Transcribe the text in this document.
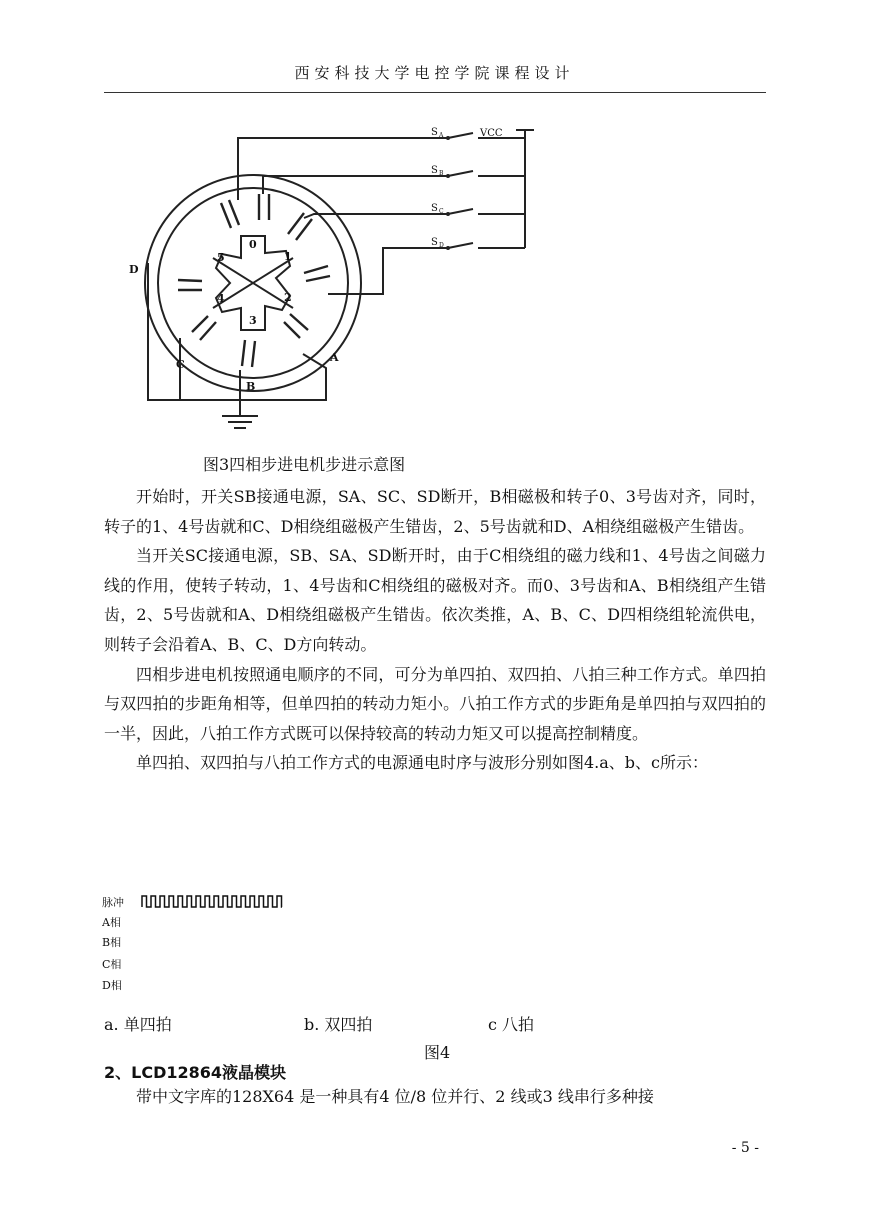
西安科技大学电控学院课程设计
VCC
S A
S B
S C
S D
D
C
B
A
0
1
2
3
4
5
图3四相步进电机步进示意图

开始时，开关SB接通电源，SA、SC、SD断开，B相磁极和转子0、3号齿对齐，同时，转子的1、4号齿就和C、D相绕组磁极产生错齿，2、5号齿就和D、A相绕组磁极产生错齿。

当开关SC接通电源，SB、SA、SD断开时，由于C相绕组的磁力线和1、4号齿之间磁力线的作用，使转子转动，1、4号齿和C相绕组的磁极对齐。而0、3号齿和A、B相绕组产生错齿，2、5号齿就和A、D相绕组磁极产生错齿。依次类推，A、B、C、D四相绕组轮流供电，则转子会沿着A、B、C、D方向转动。

四相步进电机按照通电顺序的不同，可分为单四拍、双四拍、八拍三种工作方式。单四拍与双四拍的步距角相等，但单四拍的转动力矩小。八拍工作方式的步距角是单四拍与双四拍的一半，因此，八拍工作方式既可以保持较高的转动力矩又可以提高控制精度。

单四拍、双四拍与八拍工作方式的电源通电时序与波形分别如图4.a、b、c所示：

脉冲
A相
B相
C相
D相
a. 单四拍	b. 双四拍	c 八拍
图4
2、LCD12864液晶模块

带中文字库的128X64 是一种具有4 位/8 位并行、2 线或3 线串行多种接

- 5 -
